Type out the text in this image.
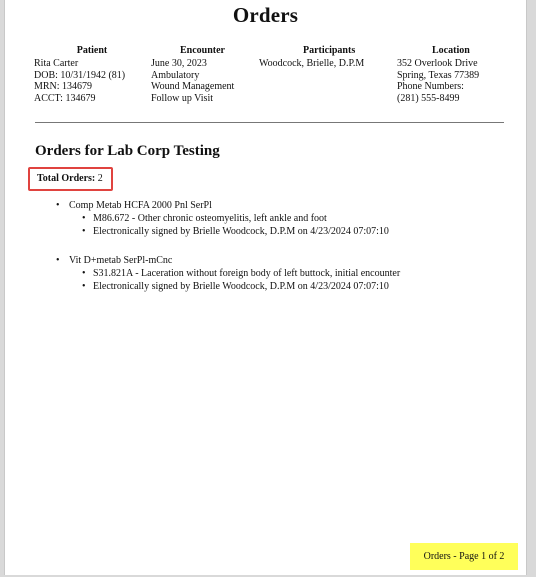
Orders
Patient
Rita Carter
DOB: 10/31/1942 (81)
MRN: 134679
ACCT: 134679
Encounter
June 30, 2023
Ambulatory
Wound Management
Follow up Visit
Participants
Woodcock, Brielle, D.P.M
Location
352 Overlook Drive
Spring, Texas 77389
Phone Numbers:
(281) 555-8499
Orders for Lab Corp Testing
Total Orders: 2
• Comp Metab HCFA 2000 Pnl SerPl
• M86.672 - Other chronic osteomyelitis, left ankle and foot
• Electronically signed by Brielle Woodcock, D.P.M on 4/23/2024 07:07:10
• Vit D+metab SerPl-mCnc
• S31.821A - Laceration without foreign body of left buttock, initial encounter
• Electronically signed by Brielle Woodcock, D.P.M on 4/23/2024 07:07:10
Orders - Page 1 of 2
